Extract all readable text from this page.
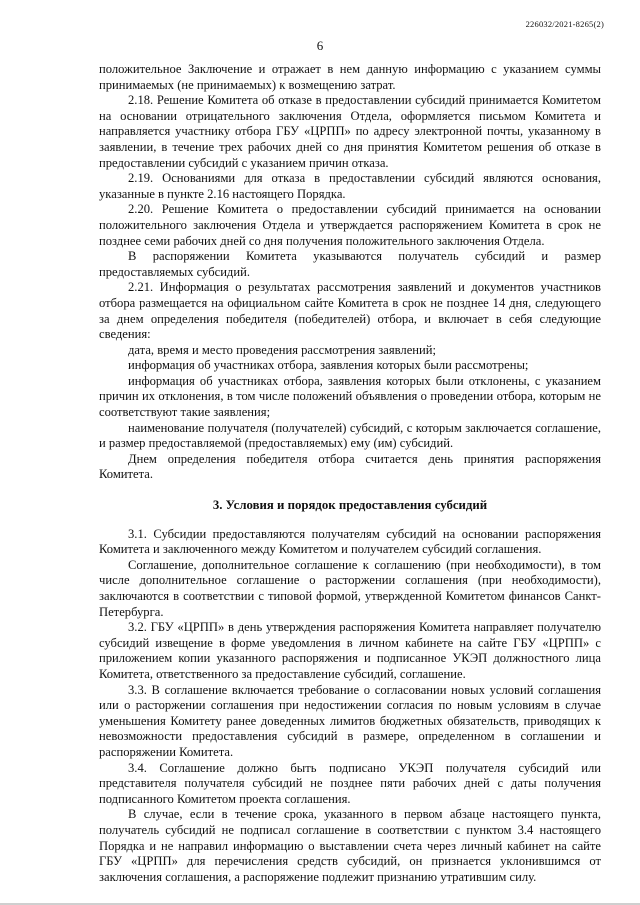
226032/2021-8265(2)
6

положительное Заключение и отражает в нем данную информацию с указанием суммы принимаемых (не принимаемых) к возмещению затрат.

2.18. Решение Комитета об отказе в предоставлении субсидий принимается Комитетом на основании отрицательного заключения Отдела, оформляется письмом Комитета и направляется участнику отбора ГБУ «ЦРПП» по адресу электронной почты, указанному в заявлении, в течение трех рабочих дней со дня принятия Комитетом решения об отказе в предоставлении субсидий с указанием причин отказа.

2.19. Основаниями для отказа в предоставлении субсидий являются основания, указанные в пункте 2.16 настоящего Порядка.

2.20. Решение Комитета о предоставлении субсидий принимается на основании положительного заключения Отдела и утверждается распоряжением Комитета в срок не позднее семи рабочих дней со дня получения положительного заключения Отдела.

В распоряжении Комитета указываются получатель субсидий и размер предоставляемых субсидий.

2.21. Информация о результатах рассмотрения заявлений и документов участников отбора размещается на официальном сайте Комитета в срок не позднее 14 дня, следующего за днем определения победителя (победителей) отбора, и включает в себя следующие сведения:

дата, время и место проведения рассмотрения заявлений;

информация об участниках отбора, заявления которых были рассмотрены;

информация об участниках отбора, заявления которых были отклонены, с указанием причин их отклонения, в том числе положений объявления о проведении отбора, которым не соответствуют такие заявления;

наименование получателя (получателей) субсидий, с которым заключается соглашение, и размер предоставляемой (предоставляемых) ему (им) субсидий.

Днем определения победителя отбора считается день принятия распоряжения Комитета.

3. Условия и порядок предоставления субсидий

3.1. Субсидии предоставляются получателям субсидий на основании распоряжения Комитета и заключенного между Комитетом и получателем субсидий соглашения.

Соглашение, дополнительное соглашение к соглашению (при необходимости), в том числе дополнительное соглашение о расторжении соглашения (при необходимости), заключаются в соответствии с типовой формой, утвержденной Комитетом финансов Санкт-Петербурга.

3.2. ГБУ «ЦРПП» в день утверждения распоряжения Комитета направляет получателю субсидий извещение в форме уведомления в личном кабинете на сайте ГБУ «ЦРПП» с приложением копии указанного распоряжения и подписанное УКЭП должностного лица Комитета, ответственного за предоставление субсидий, соглашение.

3.3. В соглашение включается требование о согласовании новых условий соглашения или о расторжении соглашения при недостижении согласия по новым условиям в случае уменьшения Комитету ранее доведенных лимитов бюджетных обязательств, приводящих к невозможности предоставления субсидий в размере, определенном в соглашении и распоряжении Комитета.

3.4. Соглашение должно быть подписано УКЭП получателя субсидий или представителя получателя субсидий не позднее пяти рабочих дней с даты получения подписанного Комитетом проекта соглашения.

В случае, если в течение срока, указанного в первом абзаце настоящего пункта, получатель субсидий не подписал соглашение в соответствии с пунктом 3.4 настоящего Порядка и не направил информацию о выставлении счета через личный кабинет на сайте ГБУ «ЦРПП» для перечисления средств субсидий, он признается уклонившимся от заключения соглашения, а распоряжение подлежит признанию утратившим силу.
